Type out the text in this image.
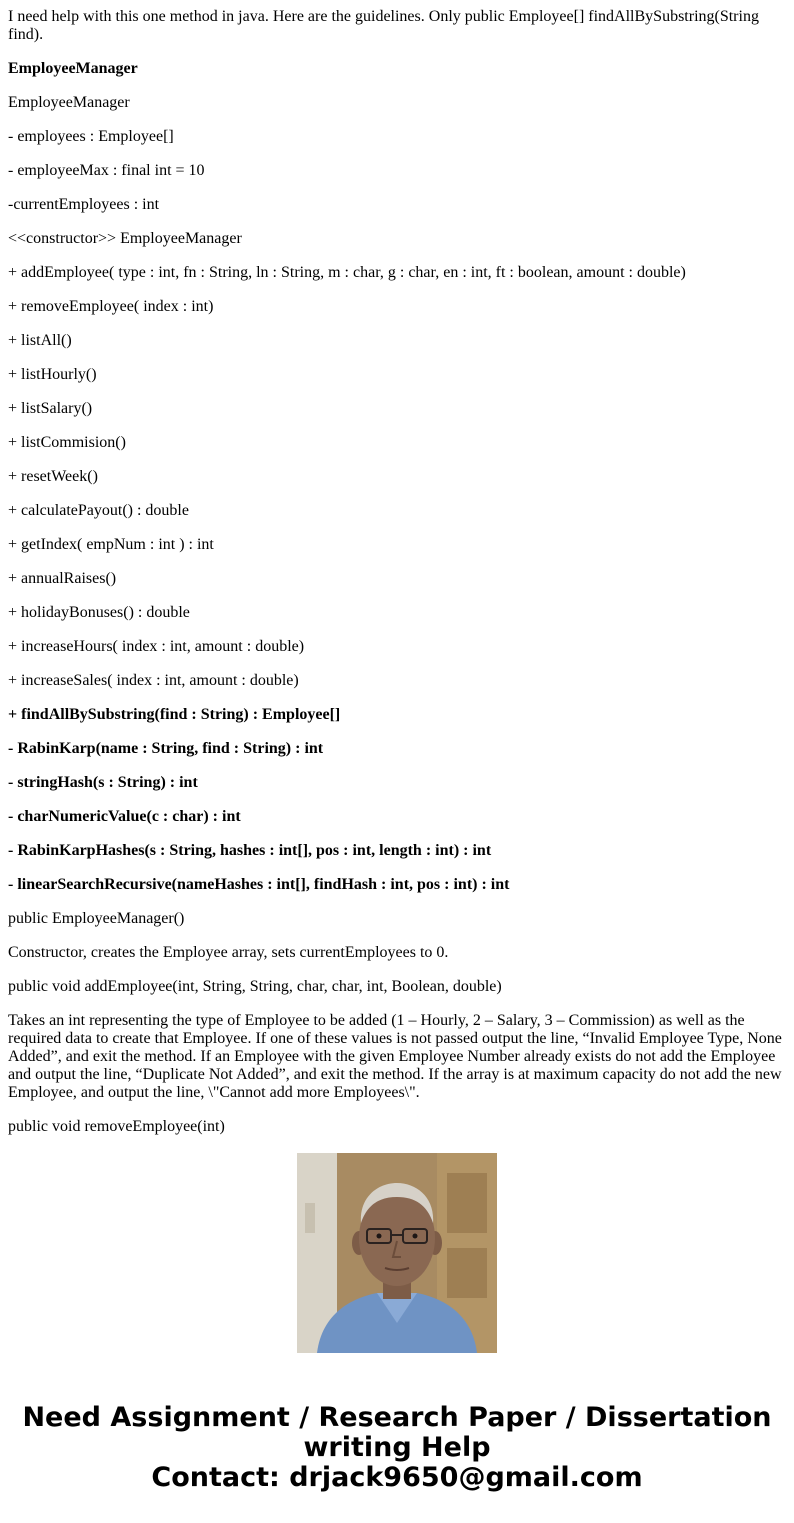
I need help with this one method in java. Here are the guidelines. Only public Employee[] findAllBySubstring(String find).

EmployeeManager

EmployeeManager

- employees : Employee[]

- employeeMax : final int = 10

-currentEmployees : int

<<constructor>> EmployeeManager

+ addEmployee( type : int, fn : String, ln : String, m : char, g : char, en : int, ft : boolean, amount : double)

+ removeEmployee( index : int)

+ listAll()

+ listHourly()

+ listSalary()

+ listCommision()

+ resetWeek()

+ calculatePayout() : double

+ getIndex( empNum : int ) : int

+ annualRaises()

+ holidayBonuses() : double

+ increaseHours( index : int, amount : double)

+ increaseSales( index : int, amount : double)

+ findAllBySubstring(find : String) : Employee[]

- RabinKarp(name : String, find : String) : int

- stringHash(s : String) : int

- charNumericValue(c : char) : int

- RabinKarpHashes(s : String, hashes : int[], pos : int, length : int) : int

- linearSearchRecursive(nameHashes : int[], findHash : int, pos : int) : int

public EmployeeManager()

Constructor, creates the Employee array, sets currentEmployees to 0.

public void addEmployee(int, String, String, char, char, int, Boolean, double)

Takes an int representing the type of Employee to be added (1 – Hourly, 2 – Salary, 3 – Commission) as well as the required data to create that Employee. If one of these values is not passed output the line, “Invalid Employee Type, None Added”, and exit the method. If an Employee with the given Employee Number already exists do not add the Employee and output the line, “Duplicate Not Added”, and exit the method. If the array is at maximum capacity do not add the new Employee, and output the line, \"Cannot add more Employees\".

public void removeEmployee(int)

Need Assignment / Research Paper / Dissertation
writing Help
Contact: drjack9650@gmail.com
